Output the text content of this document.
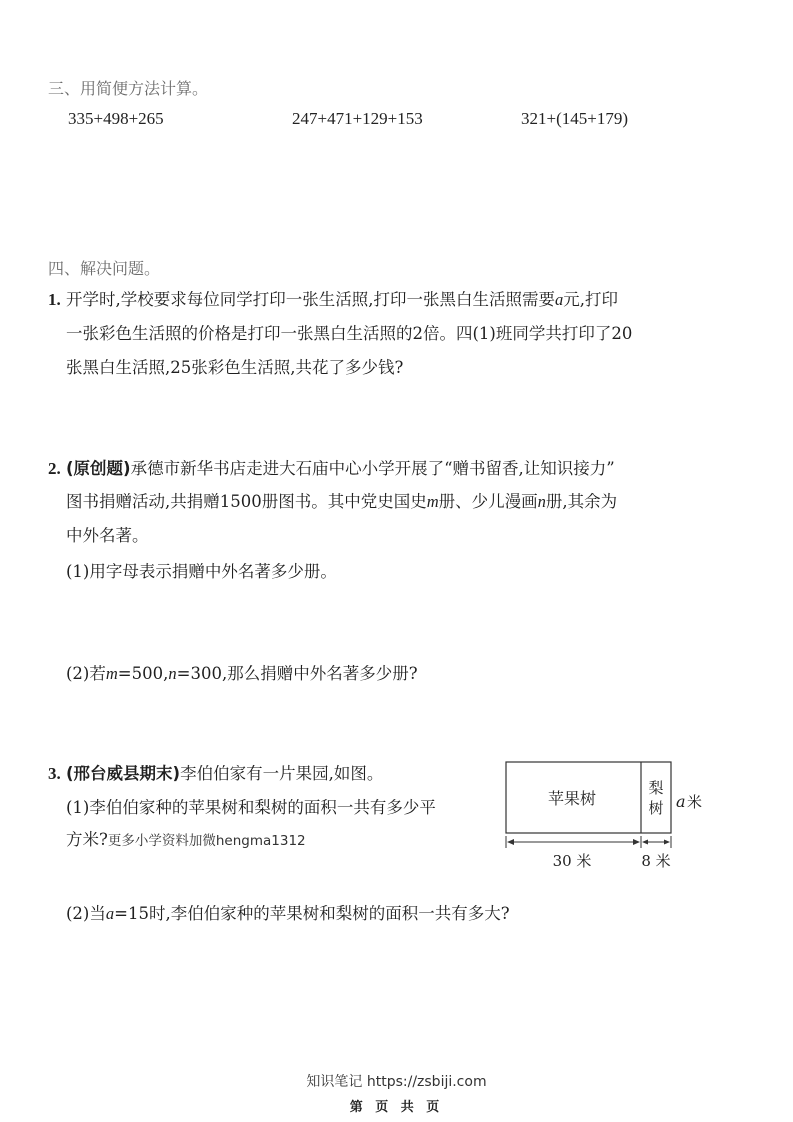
三、用简便方法计算。
335+498+265	247+471+129+153	321+(145+179)
四、解决问题。
1. 开学时,学校要求每位同学打印一张生活照,打印一张黑白生活照需要a元,打印
一张彩色生活照的价格是打印一张黑白生活照的2倍。四(1)班同学共打印了20
张黑白生活照,25张彩色生活照,共花了多少钱?
2. (原创题)承德市新华书店走进大石庙中心小学开展了“赠书留香,让知识接力”
图书捐赠活动,共捐赠1500册图书。其中党史国史m册、少儿漫画n册,其余为
中外名著。
(1)用字母表示捐赠中外名著多少册。
(2)若m=500,n=300,那么捐赠中外名著多少册?
3. (邢台威县期末)李伯伯家有一片果园,如图。
(1)李伯伯家种的苹果树和梨树的面积一共有多少平
方米?更多小学资料加微hengma1312
(2)当a=15时,李伯伯家种的苹果树和梨树的面积一共有多大?
苹果树
梨
树 a 米
30 米	8 米
知识笔记 https://zsbiji.com
第 页 共 页
